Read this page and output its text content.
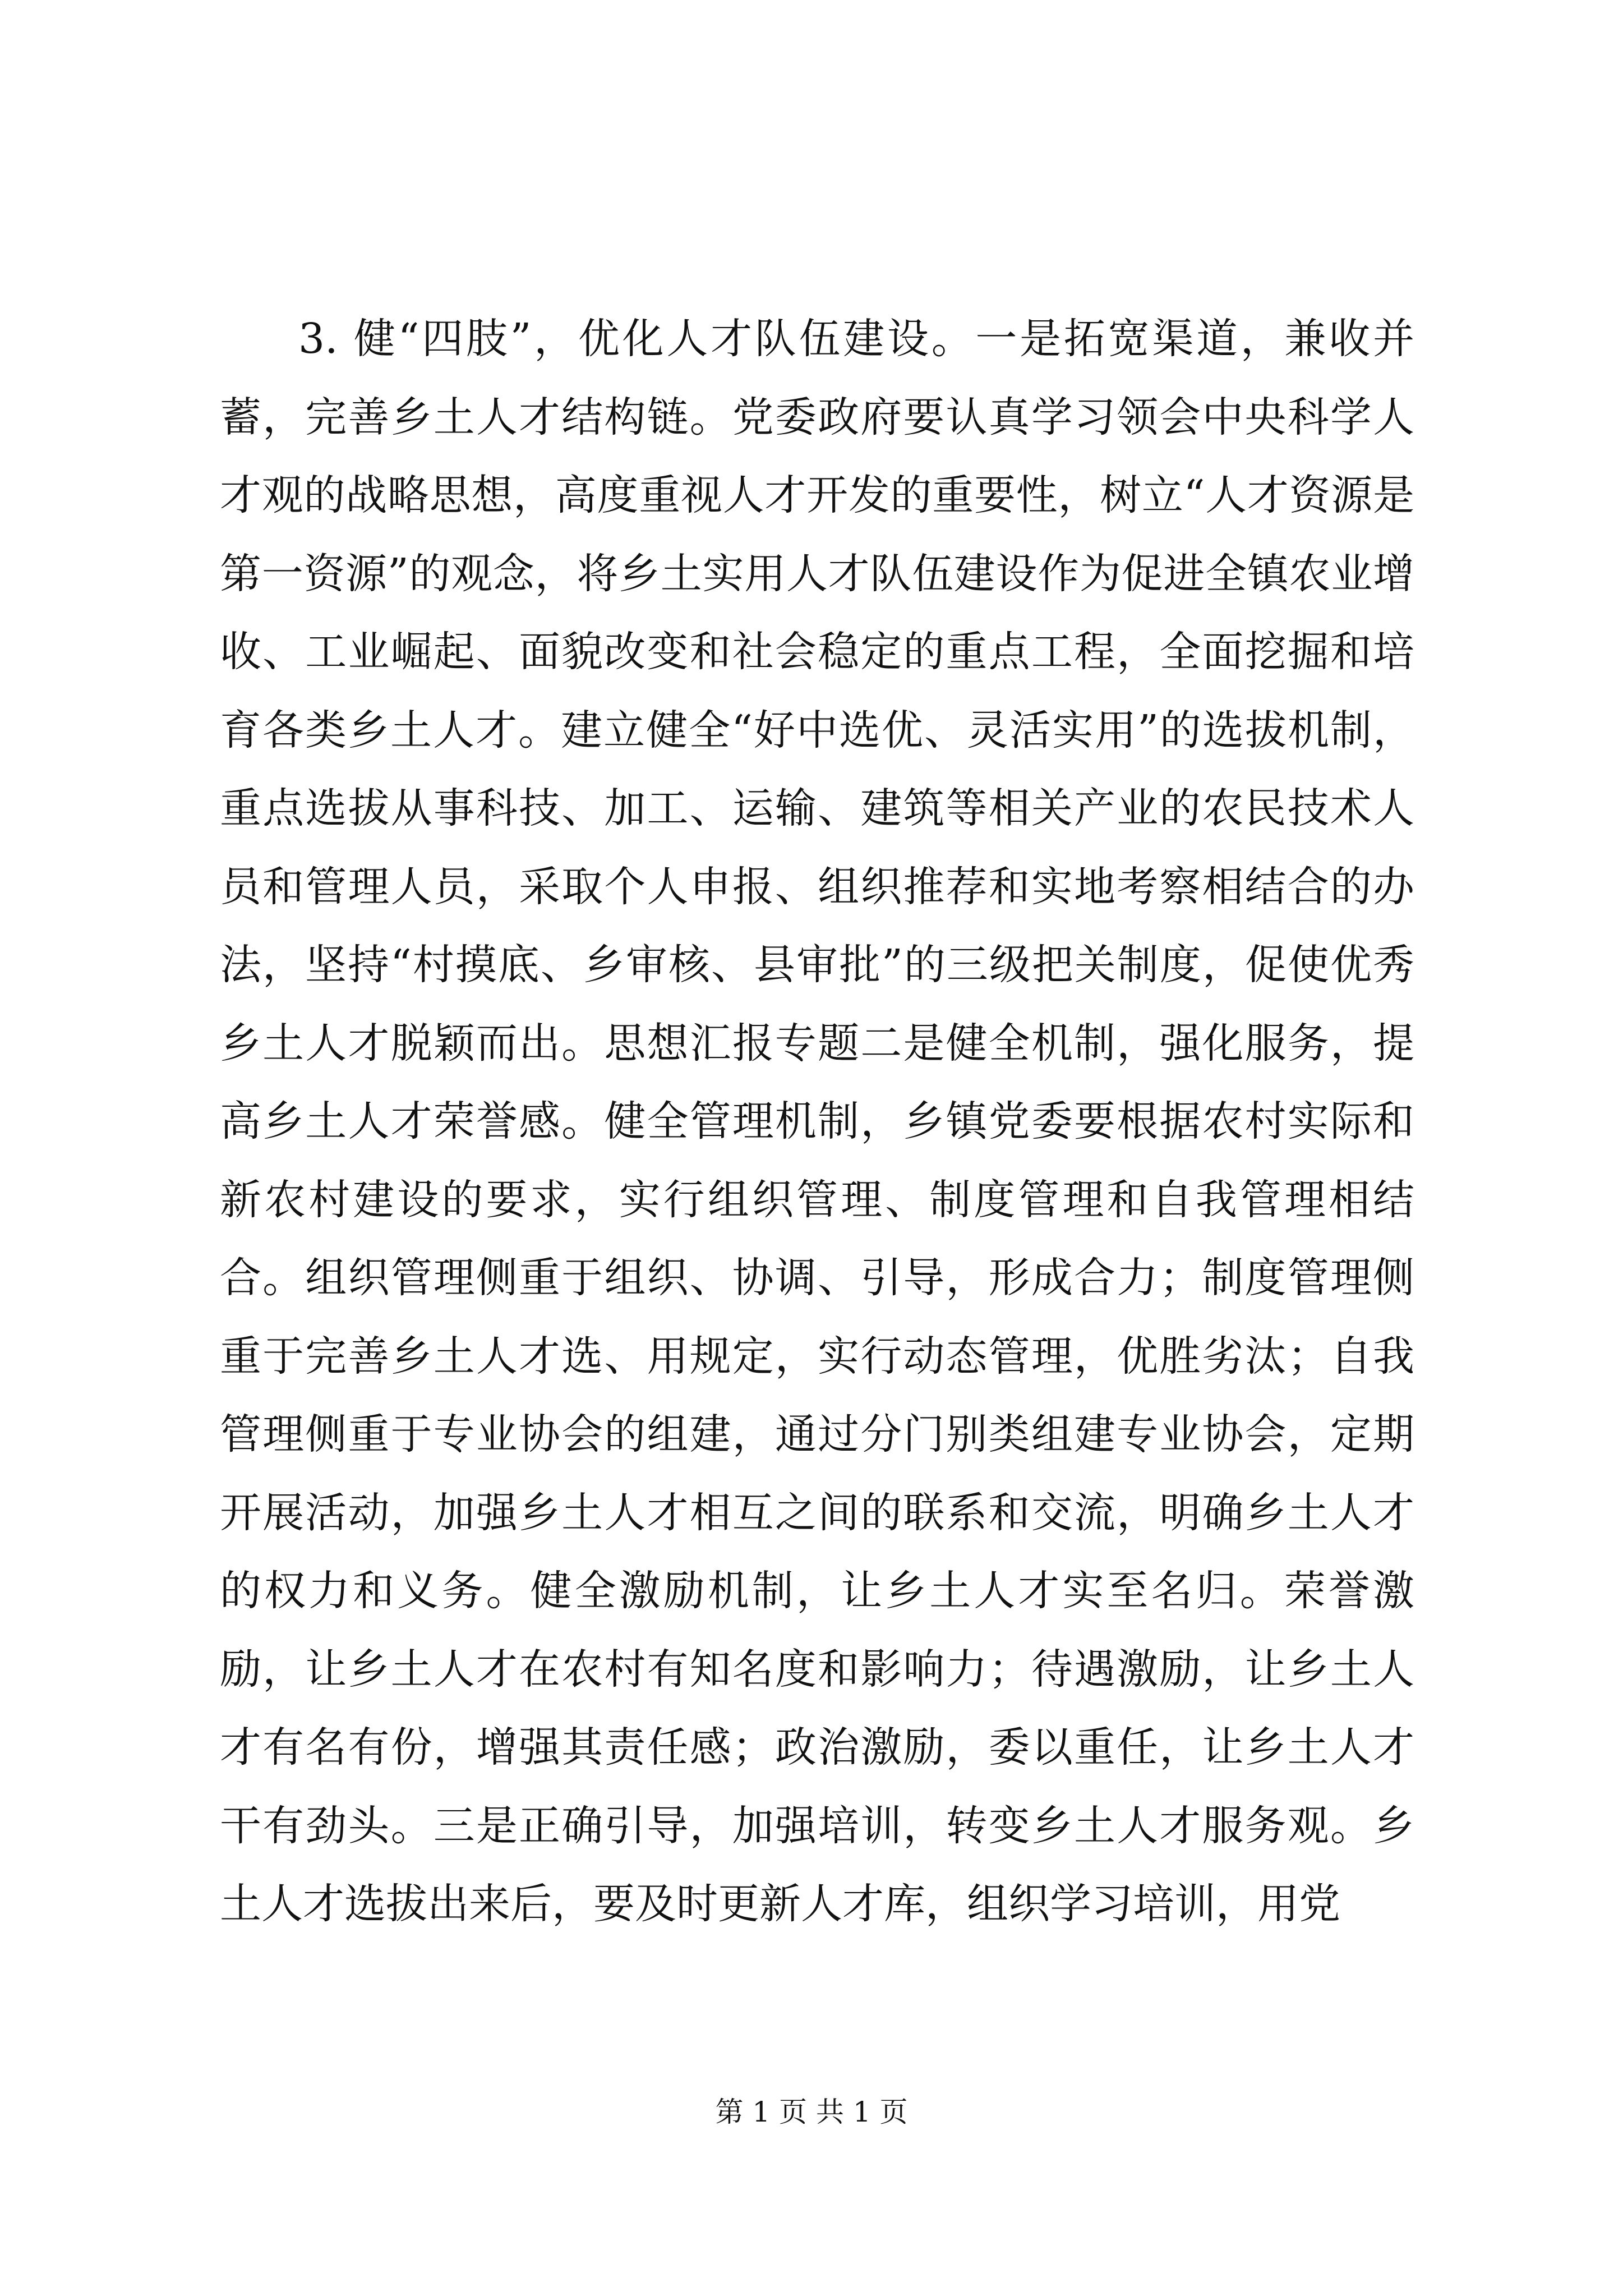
3. 健“四肢”，优化人才队伍建设。一是拓宽渠道，兼收并蓄，完善乡土人才结构链。党委政府要认真学习领会中央科学人才观的战略思想，高度重视人才开发的重要性，树立“人才资源是第一资源”的观念，将乡土实用人才队伍建设作为促进全镇农业增收、工业崛起、面貌改变和社会稳定的重点工程，全面挖掘和培育各类乡土人才。建立健全“好中选优、灵活实用”的选拔机制，重点选拔从事科技、加工、运输、建筑等相关产业的农民技术人员和管理人员，采取个人申报、组织推荐和实地考察相结合的办法，坚持“村摸底、乡审核、县审批”的三级把关制度，促使优秀乡土人才脱颖而出。思想汇报专题二是健全机制，强化服务，提高乡土人才荣誉感。健全管理机制，乡镇党委要根据农村实际和新农村建设的要求，实行组织管理、制度管理和自我管理相结合。组织管理侧重于组织、协调、引导，形成合力；制度管理侧重于完善乡土人才选、用规定，实行动态管理，优胜劣汰；自我管理侧重于专业协会的组建，通过分门别类组建专业协会，定期开展活动，加强乡土人才相互之间的联系和交流，明确乡土人才的权力和义务。健全激励机制，让乡土人才实至名归。荣誉激励，让乡土人才在农村有知名度和影响力；待遇激励，让乡土人才有名有份，增强其责任感；政治激励，委以重任，让乡土人才干有劲头。三是正确引导，加强培训，转变乡土人才服务观。乡土人才选拔出来后，要及时更新人才库，组织学习培训，用党

第 1 页 共 1 页
